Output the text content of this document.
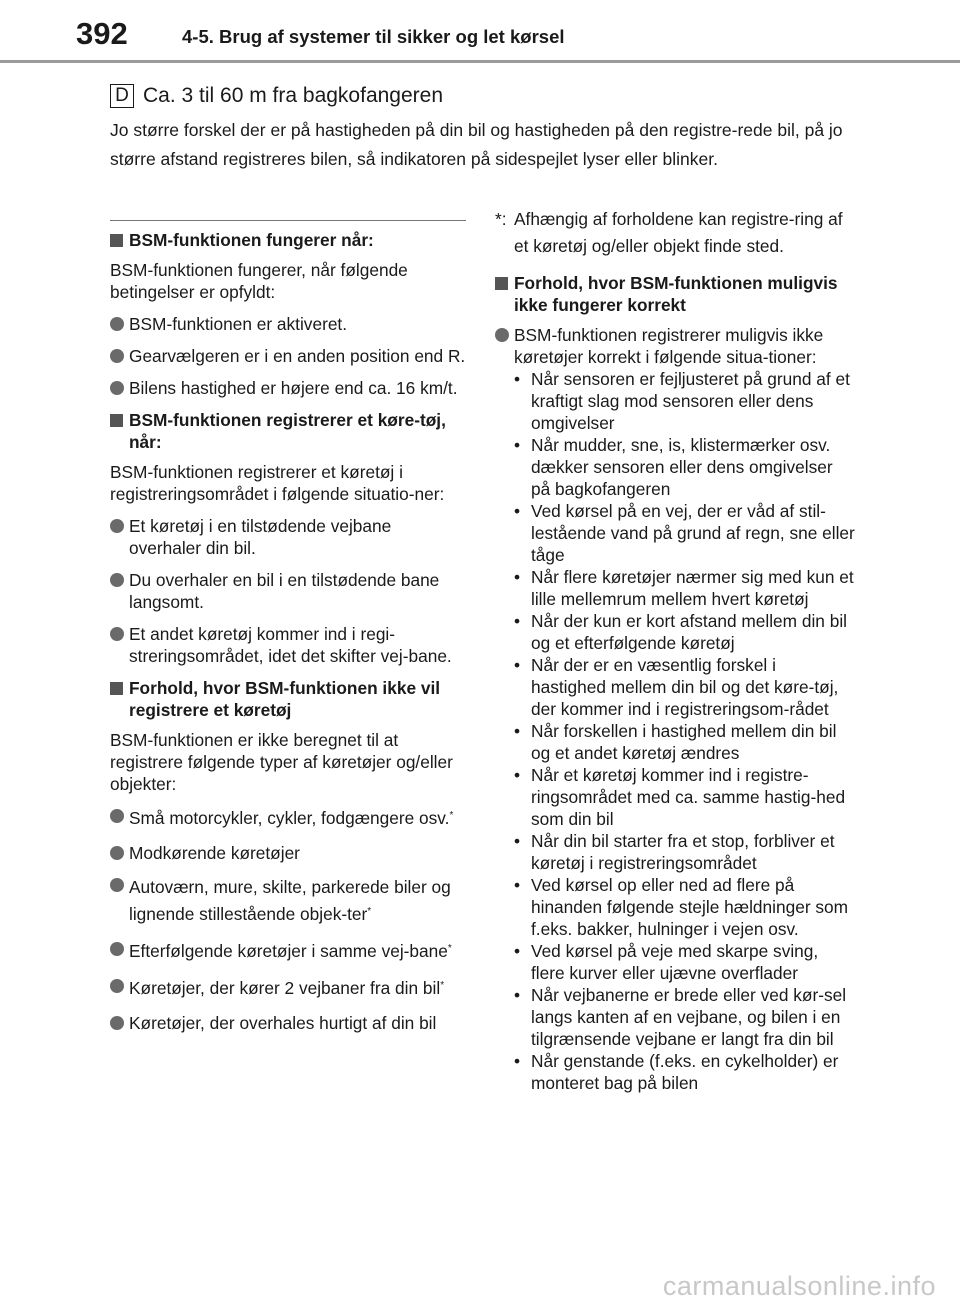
392	4-5. Brug af systemer til sikker og let kørsel
D Ca. 3 til 60 m fra bagkofangeren
Jo større forskel der er på hastigheden på din bil og hastigheden på den registre-rede bil, på jo større afstand registreres bilen, så indikatoren på sidespejlet lyser eller blinker.
BSM-funktionen fungerer når:
BSM-funktionen fungerer, når følgende betingelser er opfyldt:
BSM-funktionen er aktiveret.
Gearvælgeren er i en anden position end R.
Bilens hastighed er højere end ca. 16 km/t.
BSM-funktionen registrerer et køre-tøj, når:
BSM-funktionen registrerer et køretøj i registreringsområdet i følgende situatio-ner:
Et køretøj i en tilstødende vejbane overhaler din bil.
Du overhaler en bil i en tilstødende bane langsomt.
Et andet køretøj kommer ind i regi-streringsområdet, idet det skifter vej-bane.
Forhold, hvor BSM-funktionen ikke vil registrere et køretøj
BSM-funktionen er ikke beregnet til at registrere følgende typer af køretøjer og/eller objekter:
Små motorcykler, cykler, fodgængere osv.*
Modkørende køretøjer
Autoværn, mure, skilte, parkerede biler og lignende stillestående objek-ter*
Efterfølgende køretøjer i samme vej-bane*
Køretøjer, der kører 2 vejbaner fra din bil*
Køretøjer, der overhales hurtigt af din bil
*: Afhængig af forholdene kan registre-ring af et køretøj og/eller objekt finde sted.
Forhold, hvor BSM-funktionen muligvis ikke fungerer korrekt
BSM-funktionen registrerer muligvis ikke køretøjer korrekt i følgende situa-tioner:
• Når sensoren er fejljusteret på grund af et kraftigt slag mod sensoren eller dens omgivelser
• Når mudder, sne, is, klistermærker osv. dækker sensoren eller dens omgivelser på bagkofangeren
• Ved kørsel på en vej, der er våd af stil-lestående vand på grund af regn, sne eller tåge
• Når flere køretøjer nærmer sig med kun et lille mellemrum mellem hvert køretøj
• Når der kun er kort afstand mellem din bil og et efterfølgende køretøj
• Når der er en væsentlig forskel i hastighed mellem din bil og det køre-tøj, der kommer ind i registreringsom-rådet
• Når forskellen i hastighed mellem din bil og et andet køretøj ændres
• Når et køretøj kommer ind i registre-ringsområdet med ca. samme hastig-hed som din bil
• Når din bil starter fra et stop, forbliver et køretøj i registreringsområdet
• Ved kørsel op eller ned ad flere på hinanden følgende stejle hældninger som f.eks. bakker, hulninger i vejen osv.
• Ved kørsel på veje med skarpe sving, flere kurver eller ujævne overflader
• Når vejbanerne er brede eller ved kør-sel langs kanten af en vejbane, og bilen i en tilgrænsende vejbane er langt fra din bil
• Når genstande (f.eks. en cykelholder) er monteret bag på bilen
carmanualsonline.info
